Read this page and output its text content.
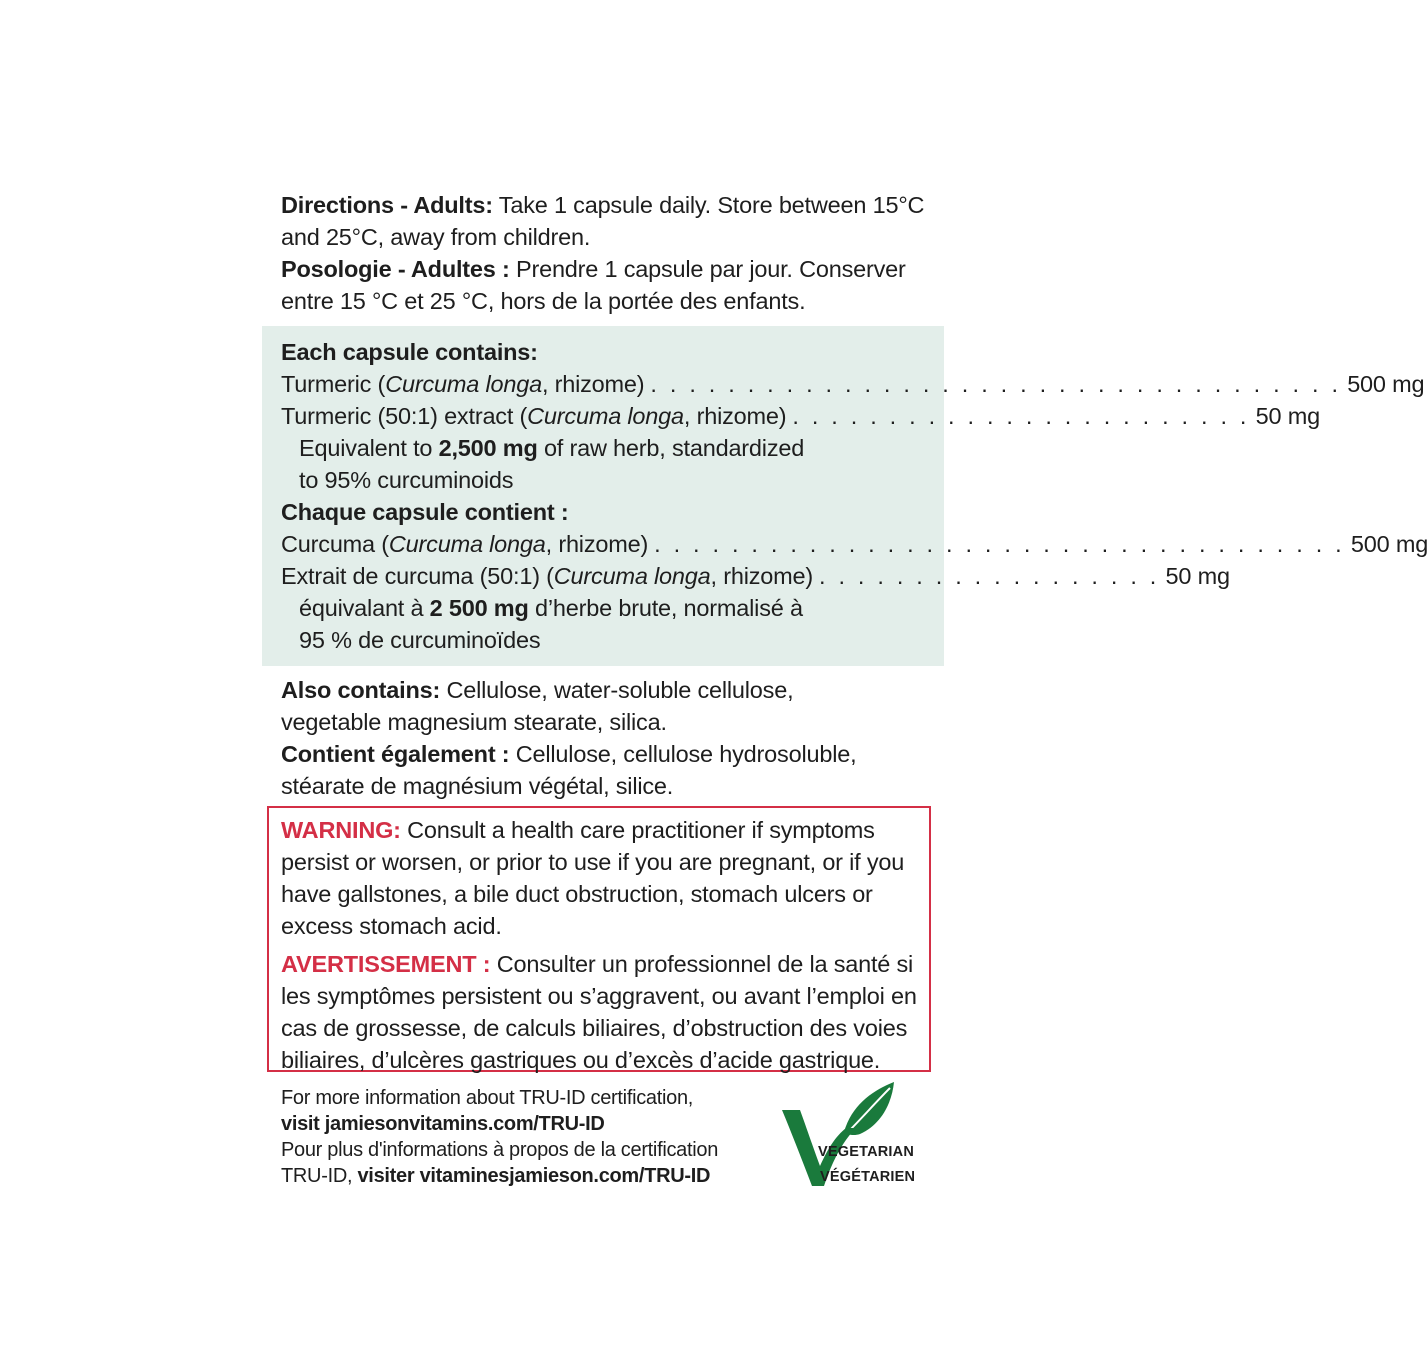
Directions - Adults: Take 1 capsule daily. Store between 15°C and 25°C, away from children.

Posologie - Adultes : Prendre 1 capsule par jour. Conserver entre 15 °C et 25 °C, hors de la portée des enfants.

Each capsule contains:

Turmeric (Curcuma longa, rhizome) . . . . . . . . . . . . . . . . . . . . . . . . . . . . . . . . . . . . 500 mg
Turmeric (50:1) extract (Curcuma longa, rhizome) . . . . . . . . . . . . . . . . . . . . . . . . 50 mg

Equivalent to 2,500 mg of raw herb, standardized to 95% curcuminoids

Chaque capsule contient :

Curcuma (Curcuma longa, rhizome) . . . . . . . . . . . . . . . . . . . . . . . . . . . . . . . . . . . . 500 mg
Extrait de curcuma (50:1) (Curcuma longa, rhizome) . . . . . . . . . . . . . . . . . . 50 mg

équivalant à 2 500 mg d’herbe brute, normalisé à 95 % de curcuminoïdes

Also contains: Cellulose, water-soluble cellulose, vegetable magnesium stearate, silica.

Contient également : Cellulose, cellulose hydrosoluble, stéarate de magnésium végétal, silice.

WARNING: Consult a health care practitioner if symptoms persist or worsen, or prior to use if you are pregnant, or if you have gallstones, a bile duct obstruction, stomach ulcers or excess stomach acid.

AVERTISSEMENT : Consulter un professionnel de la santé si les symptômes persistent ou s’aggravent, ou avant l’emploi en cas de grossesse, de calculs biliaires, d’obstruction des voies biliaires, d’ulcères gastriques ou d’excès d’acide gastrique.

For more information about TRU-ID certification,

visit jamiesonvitamins.com/TRU-ID

Pour plus d'informations à propos de la certification

TRU-ID, visiter vitaminesjamieson.com/TRU-ID

VEGETARIAN
VÉGÉTARIEN
